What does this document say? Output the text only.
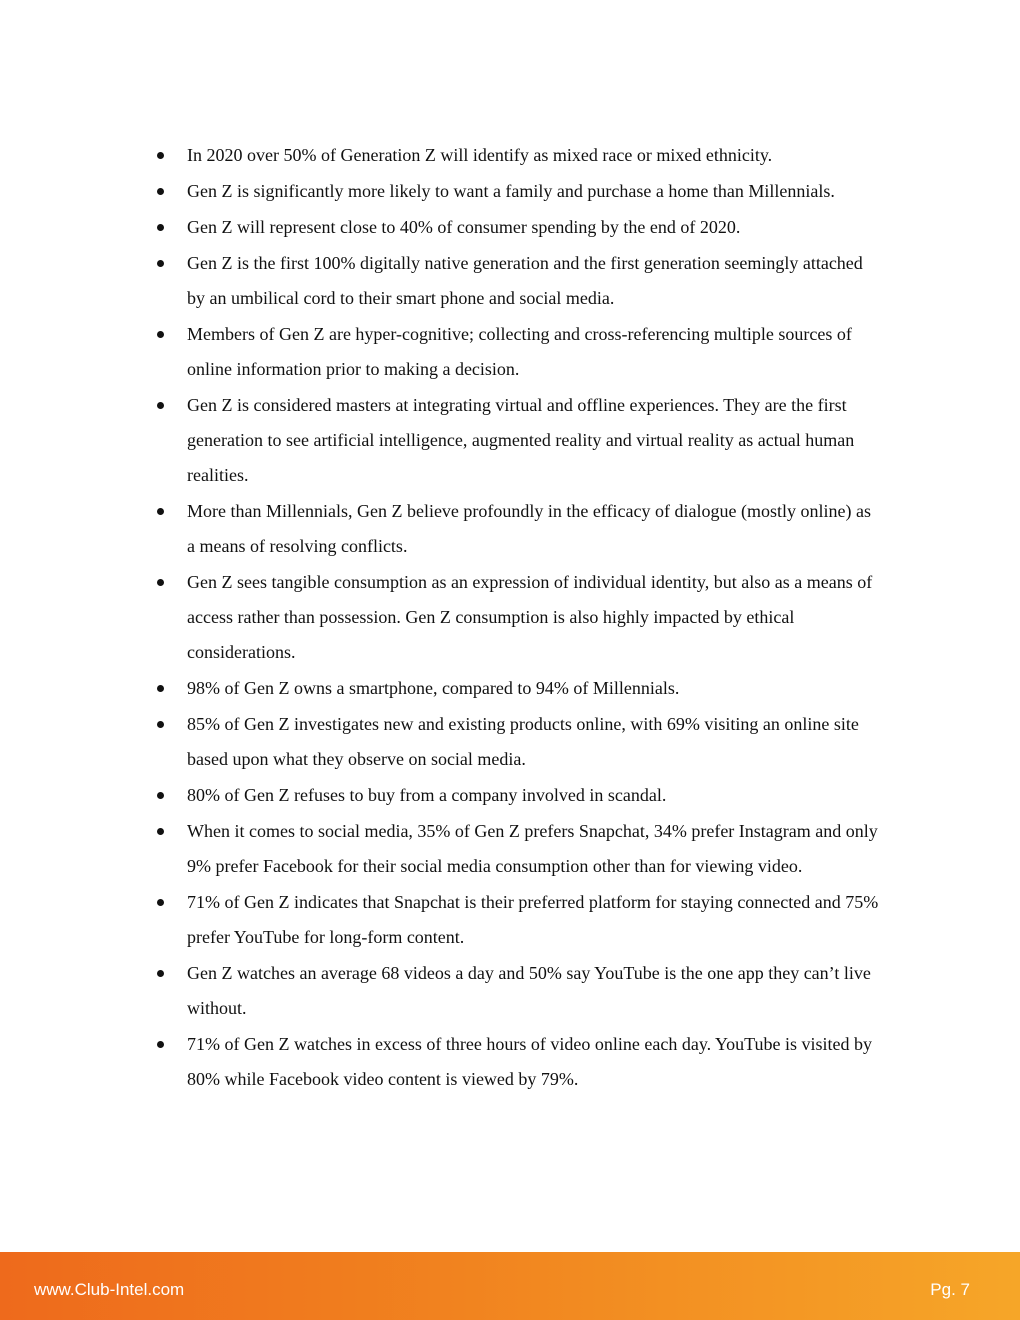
In 2020 over 50% of Generation Z will identify as mixed race or mixed ethnicity.
Gen Z is significantly more likely to want a family and purchase a home than Millennials.
Gen Z will represent close to 40% of consumer spending by the end of 2020.
Gen Z is the first 100% digitally native generation and the first generation seemingly attached by an umbilical cord to their smart phone and social media.
Members of Gen Z are hyper-cognitive; collecting and cross-referencing multiple sources of online information prior to making a decision.
Gen Z is considered masters at integrating virtual and offline experiences. They are the first generation to see artificial intelligence, augmented reality and virtual reality as actual human realities.
More than Millennials, Gen Z believe profoundly in the efficacy of dialogue (mostly online) as a means of resolving conflicts.
Gen Z sees tangible consumption as an expression of individual identity, but also as a means of access rather than possession. Gen Z consumption is also highly impacted by ethical considerations.
98% of Gen Z owns a smartphone, compared to 94% of Millennials.
85% of Gen Z investigates new and existing products online, with 69% visiting an online site based upon what they observe on social media.
80% of Gen Z refuses to buy from a company involved in scandal.
When it comes to social media, 35% of Gen Z prefers Snapchat, 34% prefer Instagram and only 9% prefer Facebook for their social media consumption other than for viewing video.
71% of Gen Z indicates that Snapchat is their preferred platform for staying connected and 75% prefer YouTube for long-form content.
Gen Z watches an average 68 videos a day and 50% say YouTube is the one app they can’t live without.
71% of Gen Z watches in excess of three hours of video online each day. YouTube is visited by 80% while Facebook video content is viewed by 79%.
www.Club-Intel.com	Pg. 7
